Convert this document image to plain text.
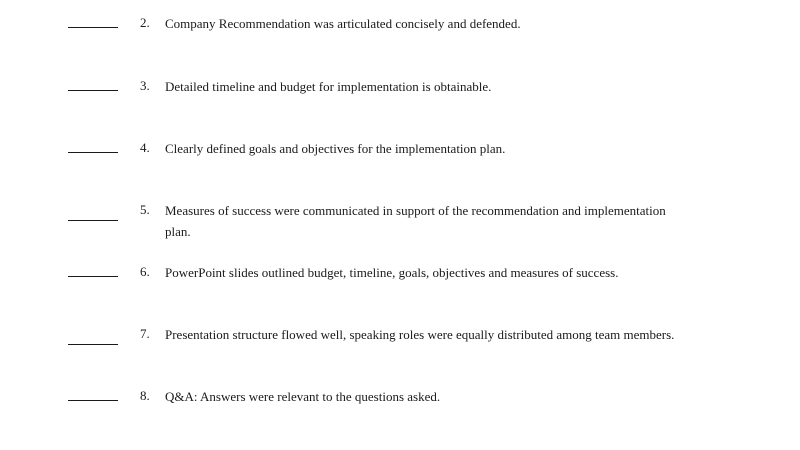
2. Company Recommendation was articulated concisely and defended.
3. Detailed timeline and budget for implementation is obtainable.
4. Clearly defined goals and objectives for the implementation plan.
5. Measures of success were communicated in support of the recommendation and implementation plan.
6. PowerPoint slides outlined budget, timeline, goals, objectives and measures of success.
7. Presentation structure flowed well, speaking roles were equally distributed among team members.
8. Q&A: Answers were relevant to the questions asked.
